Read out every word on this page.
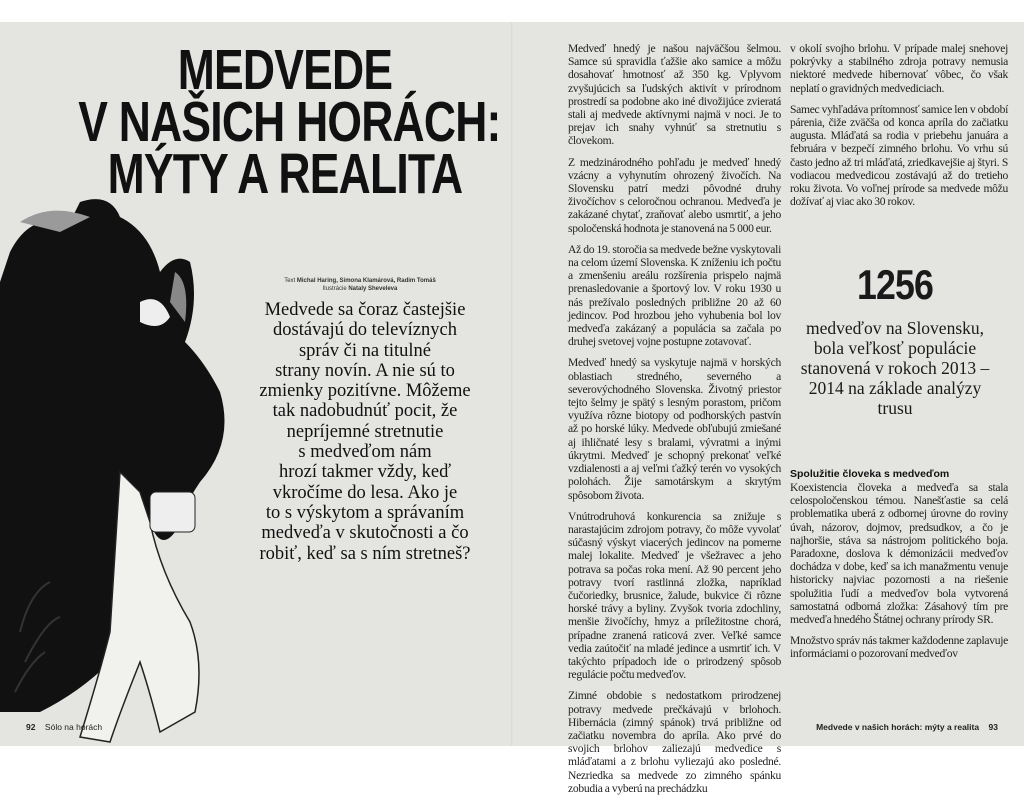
MEDVEDE
V NAŠICH HORÁCH:
MÝTY A REALITA
Text Michal Haring, Simona Klamárová, Radim Tomáš
Ilustrácie Nataly Sheveleva
Medvede sa čoraz častejšie
dostávajú do televíznych
správ či na titulné
strany novín. A nie sú to
zmienky pozitívne. Môžeme
tak nadobudnúť pocit, že
nepríjemné stretnutie
s medveďom nám
hrozí takmer vždy, keď
vkročíme do lesa. Ako je
to s výskytom a správaním
medveďa v skutočnosti a čo
robiť, keď sa s ním stretneš?
92 Sólo na horách

Medveď hnedý je našou najväčšou šelmou. Samce sú spravidla ťažšie ako samice a môžu dosahovať hmotnosť až 350 kg. Vplyvom zvyšujúcich sa ľudských aktivít v prírodnom prostredí sa podobne ako iné divožijúce zvieratá stali aj medvede aktívnymi najmä v noci. Je to prejav ich snahy vyhnúť sa stretnutiu s človekom.

Z medzinárodného pohľadu je medveď hnedý vzácny a vyhynutím ohrozený živočích. Na Slovensku patrí medzi pôvodné druhy živočíchov s celoročnou ochranou. Medveďa je zakázané chytať, zraňovať alebo usmrtiť, a jeho spoločenská hodnota je stanovená na 5 000 eur.

Až do 19. storočia sa medvede bežne vyskytovali na celom území Slovenska. K zníženiu ich počtu a zmenšeniu areálu rozšírenia prispelo najmä prenasledovanie a športový lov. V roku 1930 u nás prežívalo posledných približne 20 až 60 jedincov. Pod hrozbou jeho vyhubenia bol lov medveďa zakázaný a populácia sa začala po druhej svetovej vojne postupne zotavovať.

Medveď hnedý sa vyskytuje najmä v horských oblastiach stredného, severného a severovýchodného Slovenska. Životný priestor tejto šelmy je spätý s lesným porastom, pričom využíva rôzne biotopy od podhorských pastvín až po horské lúky. Medvede obľubujú zmiešané aj ihličnaté lesy s bralami, vývratmi a inými úkrytmi. Medveď je schopný prekonať veľké vzdialenosti a aj veľmi ťažký terén vo vysokých polohách. Žije samotárskym a skrytým spôsobom života.

Vnútrodruhová konkurencia sa znižuje s narastajúcim zdrojom potravy, čo môže vyvolať súčasný výskyt viacerých jedincov na pomerne malej lokalite. Medveď je všežravec a jeho potrava sa počas roka mení. Až 90 percent jeho potravy tvorí rastlinná zložka, napríklad čučoriedky, brusnice, žalude, bukvice či rôzne horské trávy a byliny. Zvyšok tvoria zdochliny, menšie živočíchy, hmyz a príležitostne chorá, prípadne zranená raticová zver. Veľké samce vedia zaútočiť na mladé jedince a usmrtiť ich. V takýchto prípadoch ide o prirodzený spôsob regulácie počtu medveďov.

Zimné obdobie s nedostatkom prirodzenej potravy medvede prečkávajú v brlohoch. Hibernácia (zimný spánok) trvá približne od začiatku novembra do apríla. Ako prvé do svojich brlohov zaliezajú medvedice s mláďatami a z brlohu vyliezajú ako posledné. Nezriedka sa medvede zo zimného spánku zobudia a vyberú na prechádzku

v okolí svojho brlohu. V prípade malej snehovej pokrývky a stabilného zdroja potravy nemusia niektoré medvede hibernovať vôbec, čo však neplatí o gravidných medvediciach.

Samec vyhľadáva prítomnosť samice len v období párenia, čiže zväčša od konca apríla do začiatku augusta. Mláďatá sa rodia v priebehu januára a februára v bezpečí zimného brlohu. Vo vrhu sú často jedno až tri mláďatá, zriedkavejšie aj štyri. S vodiacou medvedicou zostávajú až do tretieho roku života. Vo voľnej prírode sa medvede môžu dožívať aj viac ako 30 rokov.

1256
medveďov na Slovensku, bola veľkosť populácie stanovená v rokoch 2013 – 2014 na základe analýzy trusu
Spolužitie človeka s medveďom

Koexistencia človeka a medveďa sa stala celospoločenskou témou. Nanešťastie sa celá problematika uberá z odbornej úrovne do roviny úvah, názorov, dojmov, predsudkov, a čo je najhoršie, stáva sa nástrojom politického boja. Paradoxne, doslova k démonizácii medveďov dochádza v dobe, keď sa ich manažmentu venuje historicky najviac pozornosti a na riešenie spolužitia ľudí a medveďov bola vytvorená samostatná odborná zložka: Zásahový tím pre medveďa hnedého Štátnej ochrany prírody SR.

Množstvo správ nás takmer každodenne zaplavuje informáciami o pozorovaní medveďov

Medvede v našich horách: mýty a realita 93
